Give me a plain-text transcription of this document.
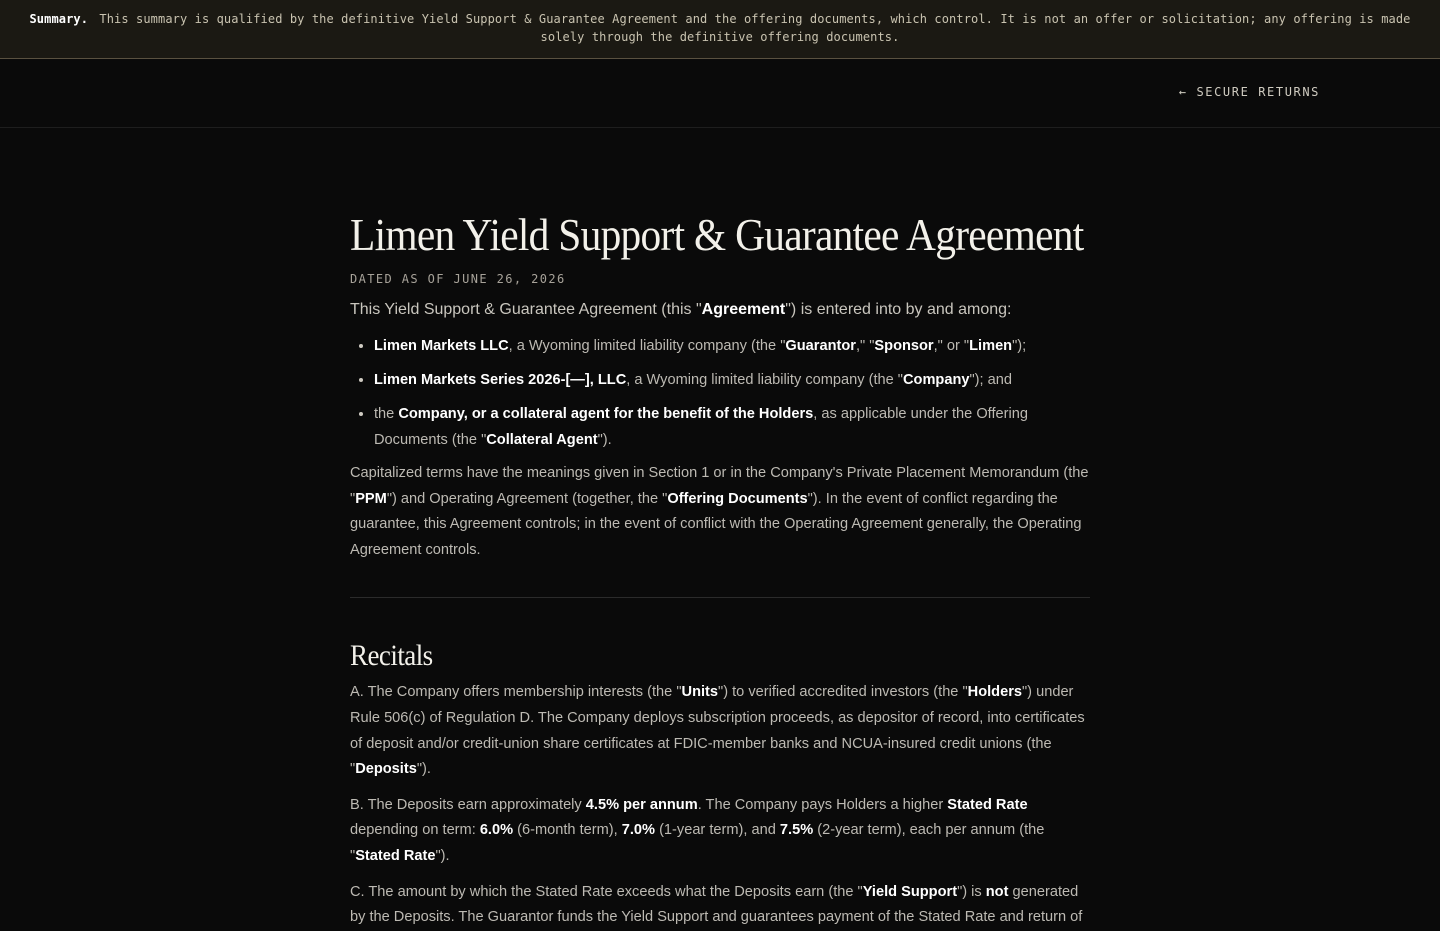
Summary. This summary is qualified by the definitive Yield Support & Guarantee Agreement and the offering documents, which control. It is not an offer or solicitation; any offering is made solely through the definitive offering documents.
← SECURE RETURNS
Limen Yield Support & Guarantee Agreement
DATED AS OF JUNE 26, 2026

This Yield Support & Guarantee Agreement (this "Agreement") is entered into by and among:

• Limen Markets LLC, a Wyoming limited liability company (the "Guarantor," "Sponsor," or "Limen");
• Limen Markets Series 2026-[—], LLC, a Wyoming limited liability company (the "Company"); and
• the Company, or a collateral agent for the benefit of the Holders, as applicable under the Offering Documents (the "Collateral Agent").

Capitalized terms have the meanings given in Section 1 or in the Company's Private Placement Memorandum (the "PPM") and Operating Agreement (together, the "Offering Documents"). In the event of conflict regarding the guarantee, this Agreement controls; in the event of conflict with the Operating Agreement generally, the Operating Agreement controls.

Recitals

A. The Company offers membership interests (the "Units") to verified accredited investors (the "Holders") under Rule 506(c) of Regulation D. The Company deploys subscription proceeds, as depositor of record, into certificates of deposit and/or credit-union share certificates at FDIC-member banks and NCUA-insured credit unions (the "Deposits").

B. The Deposits earn approximately 4.5% per annum. The Company pays Holders a higher Stated Rate depending on term: 6.0% (6-month term), 7.0% (1-year term), and 7.5% (2-year term), each per annum (the "Stated Rate").

C. The amount by which the Stated Rate exceeds what the Deposits earn (the "Yield Support") is not generated by the Deposits. The Guarantor funds the Yield Support and guarantees payment of the Stated Rate and return of
